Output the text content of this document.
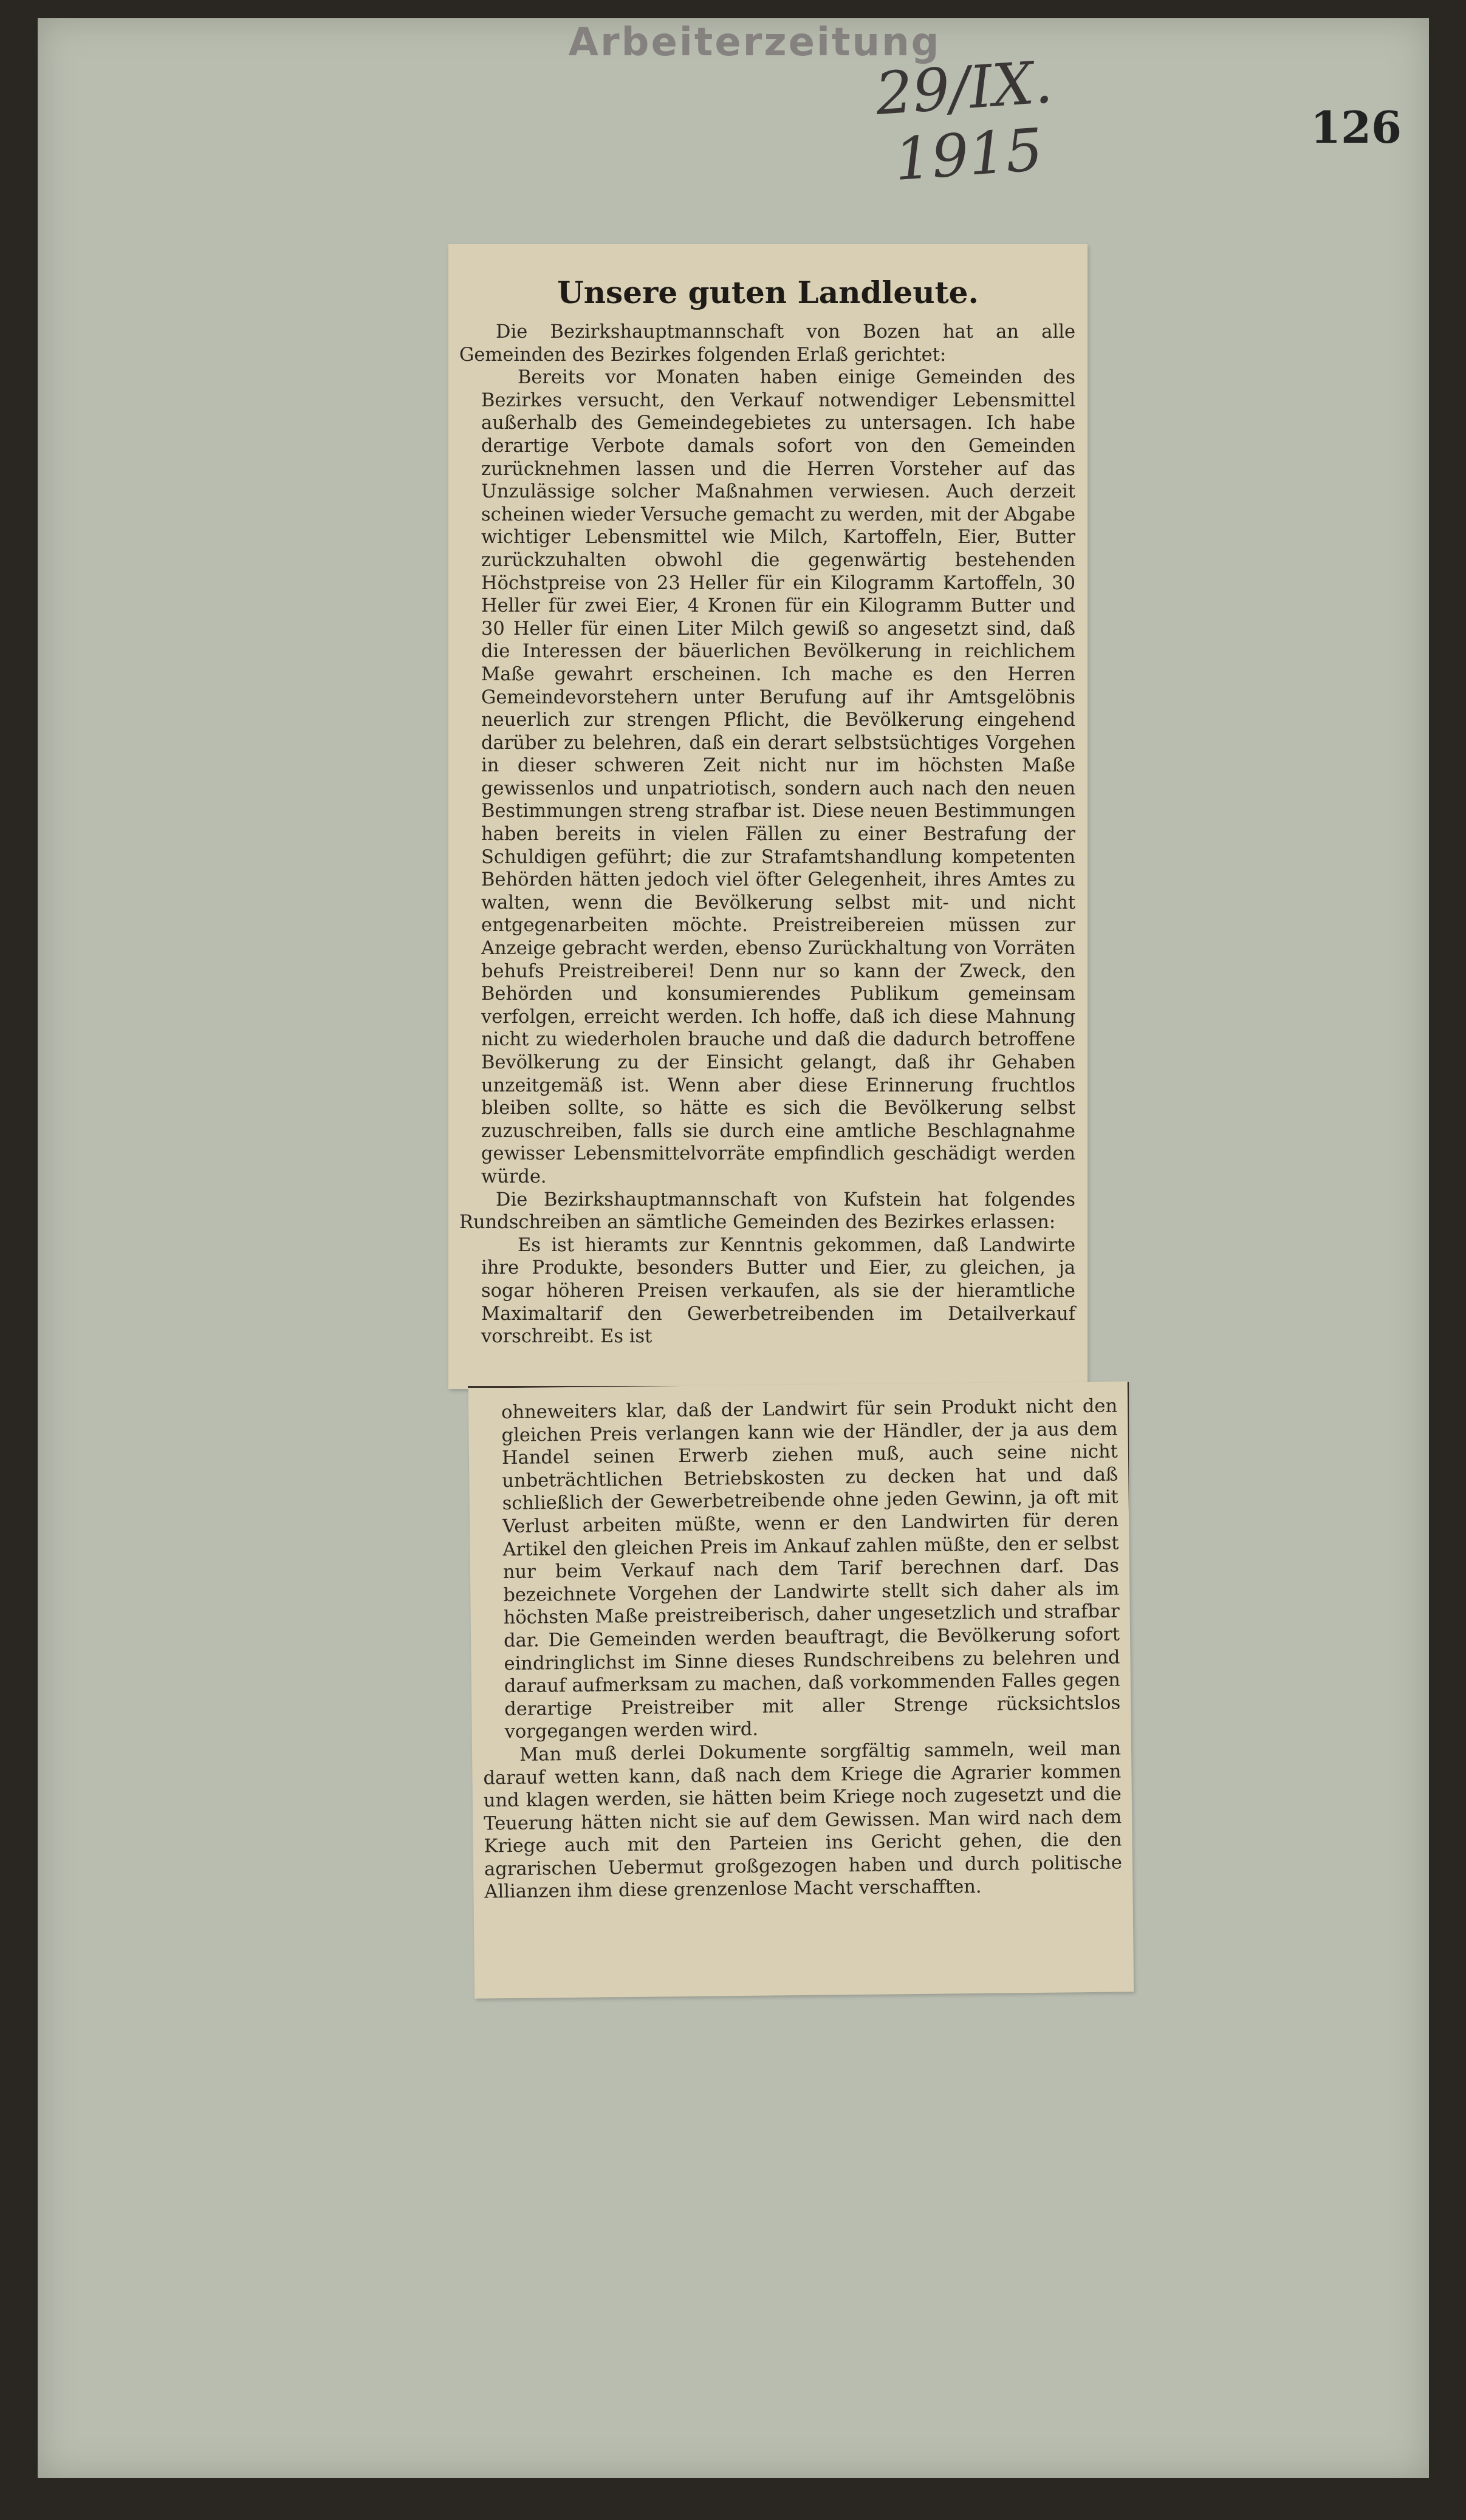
Arbeiterzeitung
29/IX. 1915	126
Unsere guten Landleute.

Die Bezirkshauptmannschaft von Bozen hat an alle Gemeinden des Bezirkes folgenden Erlaß gerichtet:

Bereits vor Monaten haben einige Gemeinden des Bezirkes versucht, den Verkauf notwendiger Lebensmittel außerhalb des Gemeindegebietes zu untersagen. Ich habe derartige Verbote damals sofort von den Gemeinden zurücknehmen lassen und die Herren Vorsteher auf das Unzulässige solcher Maßnahmen verwiesen. Auch derzeit scheinen wieder Versuche gemacht zu werden, mit der Abgabe wichtiger Lebensmittel wie Milch, Kartoffeln, Eier, Butter zurückzuhalten obwohl die gegenwärtig bestehenden Höchstpreise von 23 Heller für ein Kilogramm Kartoffeln, 30 Heller für zwei Eier, 4 Kronen für ein Kilogramm Butter und 30 Heller für einen Liter Milch gewiß so angesetzt sind, daß die Interessen der bäuerlichen Bevölkerung in reichlichem Maße gewahrt erscheinen. Ich mache es den Herren Gemeindevorstehern unter Berufung auf ihr Amtsgelöbnis neuerlich zur strengen Pflicht, die Bevölkerung eingehend darüber zu belehren, daß ein derart selbstsüchtiges Vorgehen in dieser schweren Zeit nicht nur im höchsten Maße gewissenlos und unpatriotisch, sondern auch nach den neuen Bestimmungen streng strafbar ist. Diese neuen Bestimmungen haben bereits in vielen Fällen zu einer Bestrafung der Schuldigen geführt; die zur Strafamtshandlung kompetenten Behörden hätten jedoch viel öfter Gelegenheit, ihres Amtes zu walten, wenn die Bevölkerung selbst mit- und nicht entgegenarbeiten möchte. Preistreibereien müssen zur Anzeige gebracht werden, ebenso Zurückhaltung von Vorräten behufs Preistreiberei! Denn nur so kann der Zweck, den Behörden und konsumierendes Publikum gemeinsam verfolgen, erreicht werden. Ich hoffe, daß ich diese Mahnung nicht zu wiederholen brauche und daß die dadurch betroffene Bevölkerung zu der Einsicht gelangt, daß ihr Gehaben unzeitgemäß ist. Wenn aber diese Erinnerung fruchtlos bleiben sollte, so hätte es sich die Bevölkerung selbst zuzuschreiben, falls sie durch eine amtliche Beschlagnahme gewisser Lebensmittelvorräte empfindlich geschädigt werden würde.

Die Bezirkshauptmannschaft von Kufstein hat folgendes Rundschreiben an sämtliche Gemeinden des Bezirkes erlassen:

Es ist hieramts zur Kenntnis gekommen, daß Landwirte ihre Produkte, besonders Butter und Eier, zu gleichen, ja sogar höheren Preisen verkaufen, als sie der hieramtliche Maximaltarif den Gewerbetreibenden im Detailverkauf vorschreibt. Es ist

ohneweiters klar, daß der Landwirt für sein Produkt nicht den gleichen Preis verlangen kann wie der Händler, der ja aus dem Handel seinen Erwerb ziehen muß, auch seine nicht unbeträchtlichen Betriebskosten zu decken hat und daß schließlich der Gewerbetreibende ohne jeden Gewinn, ja oft mit Verlust arbeiten müßte, wenn er den Landwirten für deren Artikel den gleichen Preis im Ankauf zahlen müßte, den er selbst nur beim Verkauf nach dem Tarif berechnen darf. Das bezeichnete Vorgehen der Landwirte stellt sich daher als im höchsten Maße preistreiberisch, daher ungesetzlich und strafbar dar. Die Gemeinden werden beauftragt, die Bevölkerung sofort eindringlichst im Sinne dieses Rundschreibens zu belehren und darauf aufmerksam zu machen, daß vorkommenden Falles gegen derartige Preistreiber mit aller Strenge rücksichtslos vorgegangen werden wird.

Man muß derlei Dokumente sorgfältig sammeln, weil man darauf wetten kann, daß nach dem Kriege die Agrarier kommen und klagen werden, sie hätten beim Kriege noch zugesetzt und die Teuerung hätten nicht sie auf dem Gewissen. Man wird nach dem Kriege auch mit den Parteien ins Gericht gehen, die den agrarischen Uebermut großgezogen haben und durch politische Allianzen ihm diese grenzenlose Macht verschafften.
